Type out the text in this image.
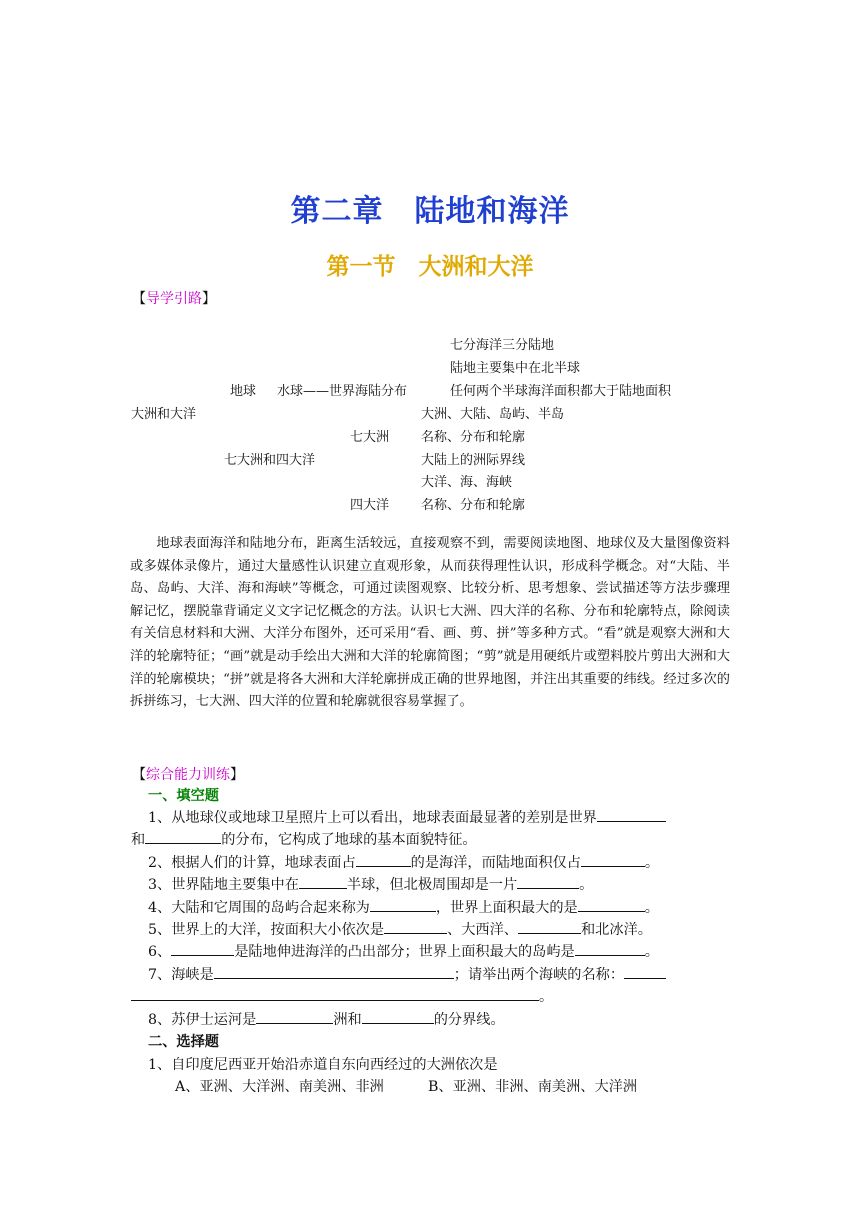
第二章　陆地和海洋
第一节　大洲和大洋
【导学引路】
七分海洋三分陆地
陆地主要集中在北半球
地球 水球——世界海陆分布	任何两个半球海洋面积都大于陆地面积
大洲和大洋	大洲、大陆、岛屿、半岛
七大洲 名称、分布和轮廓
七大洲和四大洋	大陆上的洲际界线
大洋、海、海峡
四大洋 名称、分布和轮廓
地球表面海洋和陆地分布，距离生活较远，直接观察不到，需要阅读地图、地球仪及大量图像资料或多媒体录像片，通过大量感性认识建立直观形象，从而获得理性认识，形成科学概念。对“大陆、半岛、岛屿、大洋、海和海峡”等概念，可通过读图观察、比较分析、思考想象、尝试描述等方法步骤理解记忆，摆脱靠背诵定义文字记忆概念的方法。认识七大洲、四大洋的名称、分布和轮廓特点，除阅读有关信息材料和大洲、大洋分布图外，还可采用“看、画、剪、拼”等多种方式。“看”就是观察大洲和大洋的轮廓特征；“画”就是动手绘出大洲和大洋的轮廓简图；“剪”就是用硬纸片或塑料胶片剪出大洲和大洋的轮廓模块；“拼”就是将各大洲和大洋轮廓拼成正确的世界地图，并注出其重要的纬线。经过多次的拆拼练习，七大洲、四大洋的位置和轮廓就很容易掌握了。
【综合能力训练】
一、填空题
1、从地球仪或地球卫星照片上可以看出，地球表面最显著的差别是世界
和	的分布，它构成了地球的基本面貌特征。
2、根据人们的计算，地球表面占	的是海洋，而陆地面积仅占	。
3、世界陆地主要集中在	半球，但北极周围却是一片	。
4、大陆和它周围的岛屿合起来称为	，世界上面积最大的是	。
5、世界上的大洋，按面积大小依次是	、大西洋、	和北冰洋。
6、	是陆地伸进海洋的凸出部分；世界上面积最大的岛屿是	。
7、海峡是	；请举出两个海峡的名称：
。
8、苏伊士运河是	洲和	的分界线。
二、选择题
1、自印度尼西亚开始沿赤道自东向西经过的大洲依次是
A、亚洲、大洋洲、南美洲、非洲	B、亚洲、非洲、南美洲、大洋洲
